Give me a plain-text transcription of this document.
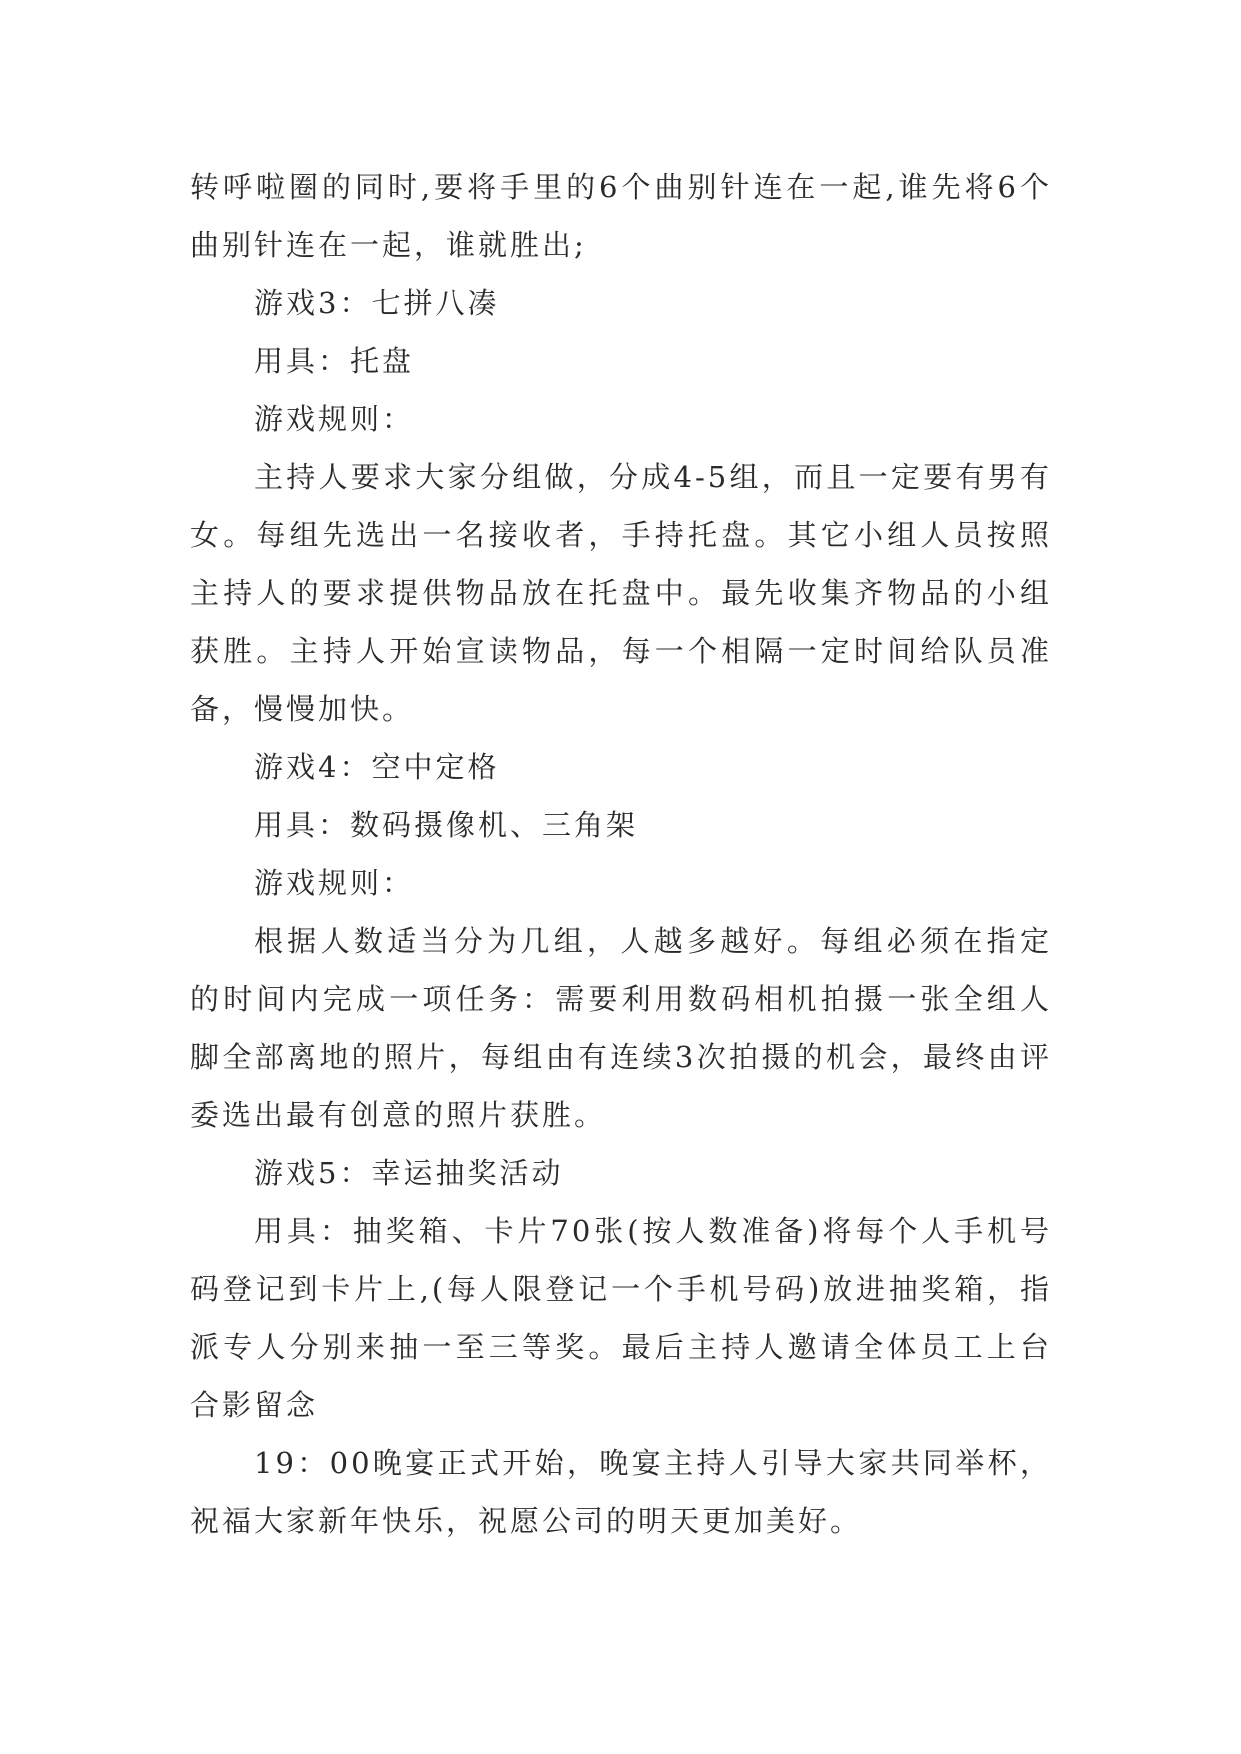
转呼啦圈的同时,要将手里的6个曲别针连在一起,谁先将6个曲别针连在一起，谁就胜出;

游戏3：七拼八凑

用具：托盘

游戏规则：

主持人要求大家分组做，分成4-5组，而且一定要有男有女。每组先选出一名接收者，手持托盘。其它小组人员按照主持人的要求提供物品放在托盘中。最先收集齐物品的小组获胜。主持人开始宣读物品，每一个相隔一定时间给队员准备，慢慢加快。

游戏4：空中定格

用具：数码摄像机、三角架

游戏规则：

根据人数适当分为几组，人越多越好。每组必须在指定的时间内完成一项任务：需要利用数码相机拍摄一张全组人脚全部离地的照片，每组由有连续3次拍摄的机会，最终由评委选出最有创意的照片获胜。

游戏5：幸运抽奖活动

用具：抽奖箱、卡片70张(按人数准备)将每个人手机号码登记到卡片上,(每人限登记一个手机号码)放进抽奖箱，指派专人分别来抽一至三等奖。最后主持人邀请全体员工上台合影留念

19：00晚宴正式开始，晚宴主持人引导大家共同举杯，祝福大家新年快乐，祝愿公司的明天更加美好。
